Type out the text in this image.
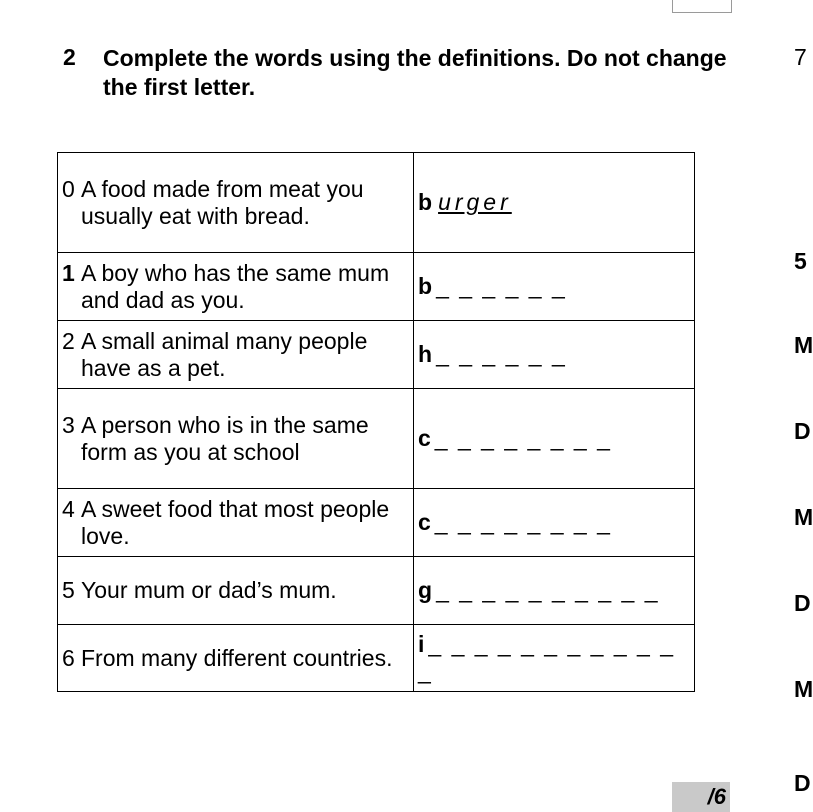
2 Complete the words using the definitions. Do not change the first letter.
0 A food made from meat you usually eat with bread.	b urger

1 A boy who has the same mum and dad as you.	b _ _ _ _ _ _

2 A small animal many people have as a pet.	h _ _ _ _ _ _

3 A person who is in the same form as you at school	c _ _ _ _ _ _ _ _

4 A sweet food that most people love.	c _ _ _ _ _ _ _ _

5 Your mum or dad’s mum.	g _ _ _ _ _ _ _ _ _ _

6 From many different countries.	i _ _ _ _ _ _ _ _ _ _ _ _
7
5
M
D
M
D
M
D
/6
